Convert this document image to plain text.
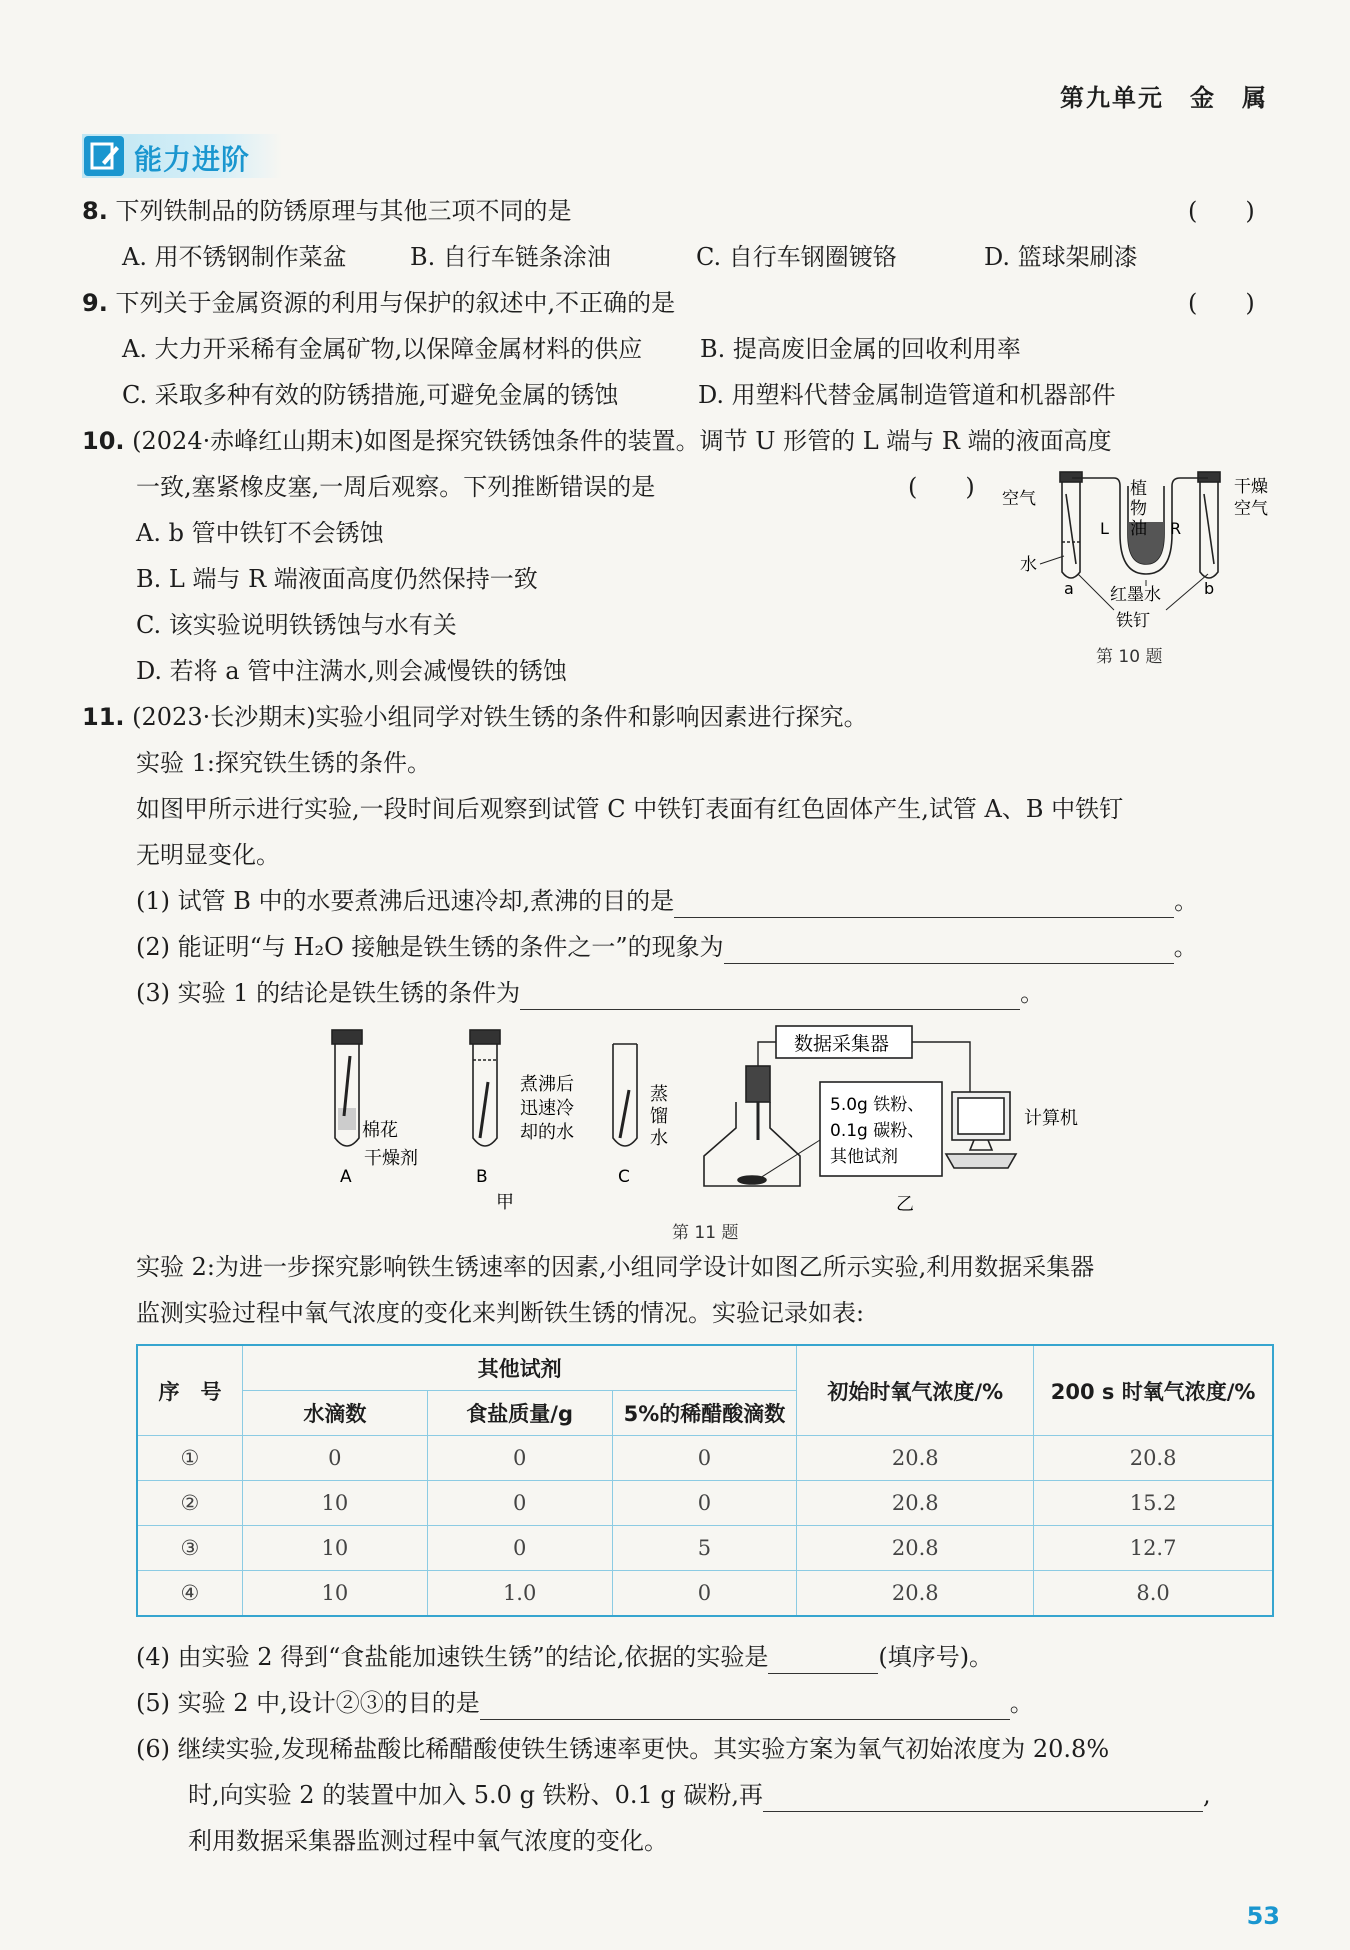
第九单元　金　属
能力进阶
8. 下列铁制品的防锈原理与其他三项不同的是	(　　)
A. 用不锈钢制作菜盆	B. 自行车链条涂油	C. 自行车钢圈镀铬	D. 篮球架刷漆
9. 下列关于金属资源的利用与保护的叙述中,不正确的是	(　　)
A. 大力开采稀有金属矿物,以保障金属材料的供应 B. 提高废旧金属的回收利用率
C. 采取多种有效的防锈措施,可避免金属的锈蚀	D. 用塑料代替金属制造管道和机器部件
10. (2024·赤峰红山期末)如图是探究铁锈蚀条件的装置。调节 U 形管的 L 端与 R 端的液面高度
一致,塞紧橡皮塞,一周后观察。下列推断错误的是	(　　)
A. b 管中铁钉不会锈蚀
B. L 端与 R 端液面高度仍然保持一致
C. 该实验说明铁锈蚀与水有关
D. 若将 a 管中注满水,则会减慢铁的锈蚀
空气	植
物
油
干燥
空气
L	R
水
a	b
红墨水
铁钉
第 10 题
11. (2023·长沙期末)实验小组同学对铁生锈的条件和影响因素进行探究。
实验 1:探究铁生锈的条件。
如图甲所示进行实验,一段时间后观察到试管 C 中铁钉表面有红色固体产生,试管 A、B 中铁钉
无明显变化。
(1) 试管 B 中的水要煮沸后迅速冷却,煮沸的目的是	。
(2) 能证明“与 H₂O 接触是铁生锈的条件之一”的现象为	。
(3) 实验 1 的结论是铁生锈的条件为	。
棉花
干燥剂
A
煮沸后
迅速冷
却的水
B
蒸
馏
水
C
甲
数据采集器
5.0g 铁粉、
0.1g 碳粉、
其他试剂
计算机
乙
第 11 题
实验 2:为进一步探究影响铁生锈速率的因素,小组同学设计如图乙所示实验,利用数据采集器
监测实验过程中氧气浓度的变化来判断铁生锈的情况。实验记录如表:
序　号	其他试剂			初始时氧气浓度/%	200 s 时氧气浓度/%
	水滴数	食盐质量/g	5%的稀醋酸滴数		
①	0	0	0	20.8	20.8
②	10	0	0	20.8	15.2
③	10	0	5	20.8	12.7
④	10	1.0	0	20.8	8.0
(4) 由实验 2 得到“食盐能加速铁生锈”的结论,依据的实验是	(填序号)。
(5) 实验 2 中,设计②③的目的是	。
(6) 继续实验,发现稀盐酸比稀醋酸使铁生锈速率更快。其实验方案为氧气初始浓度为 20.8%
时,向实验 2 的装置中加入 5.0 g 铁粉、0.1 g 碳粉,再	,
利用数据采集器监测过程中氧气浓度的变化。
53
